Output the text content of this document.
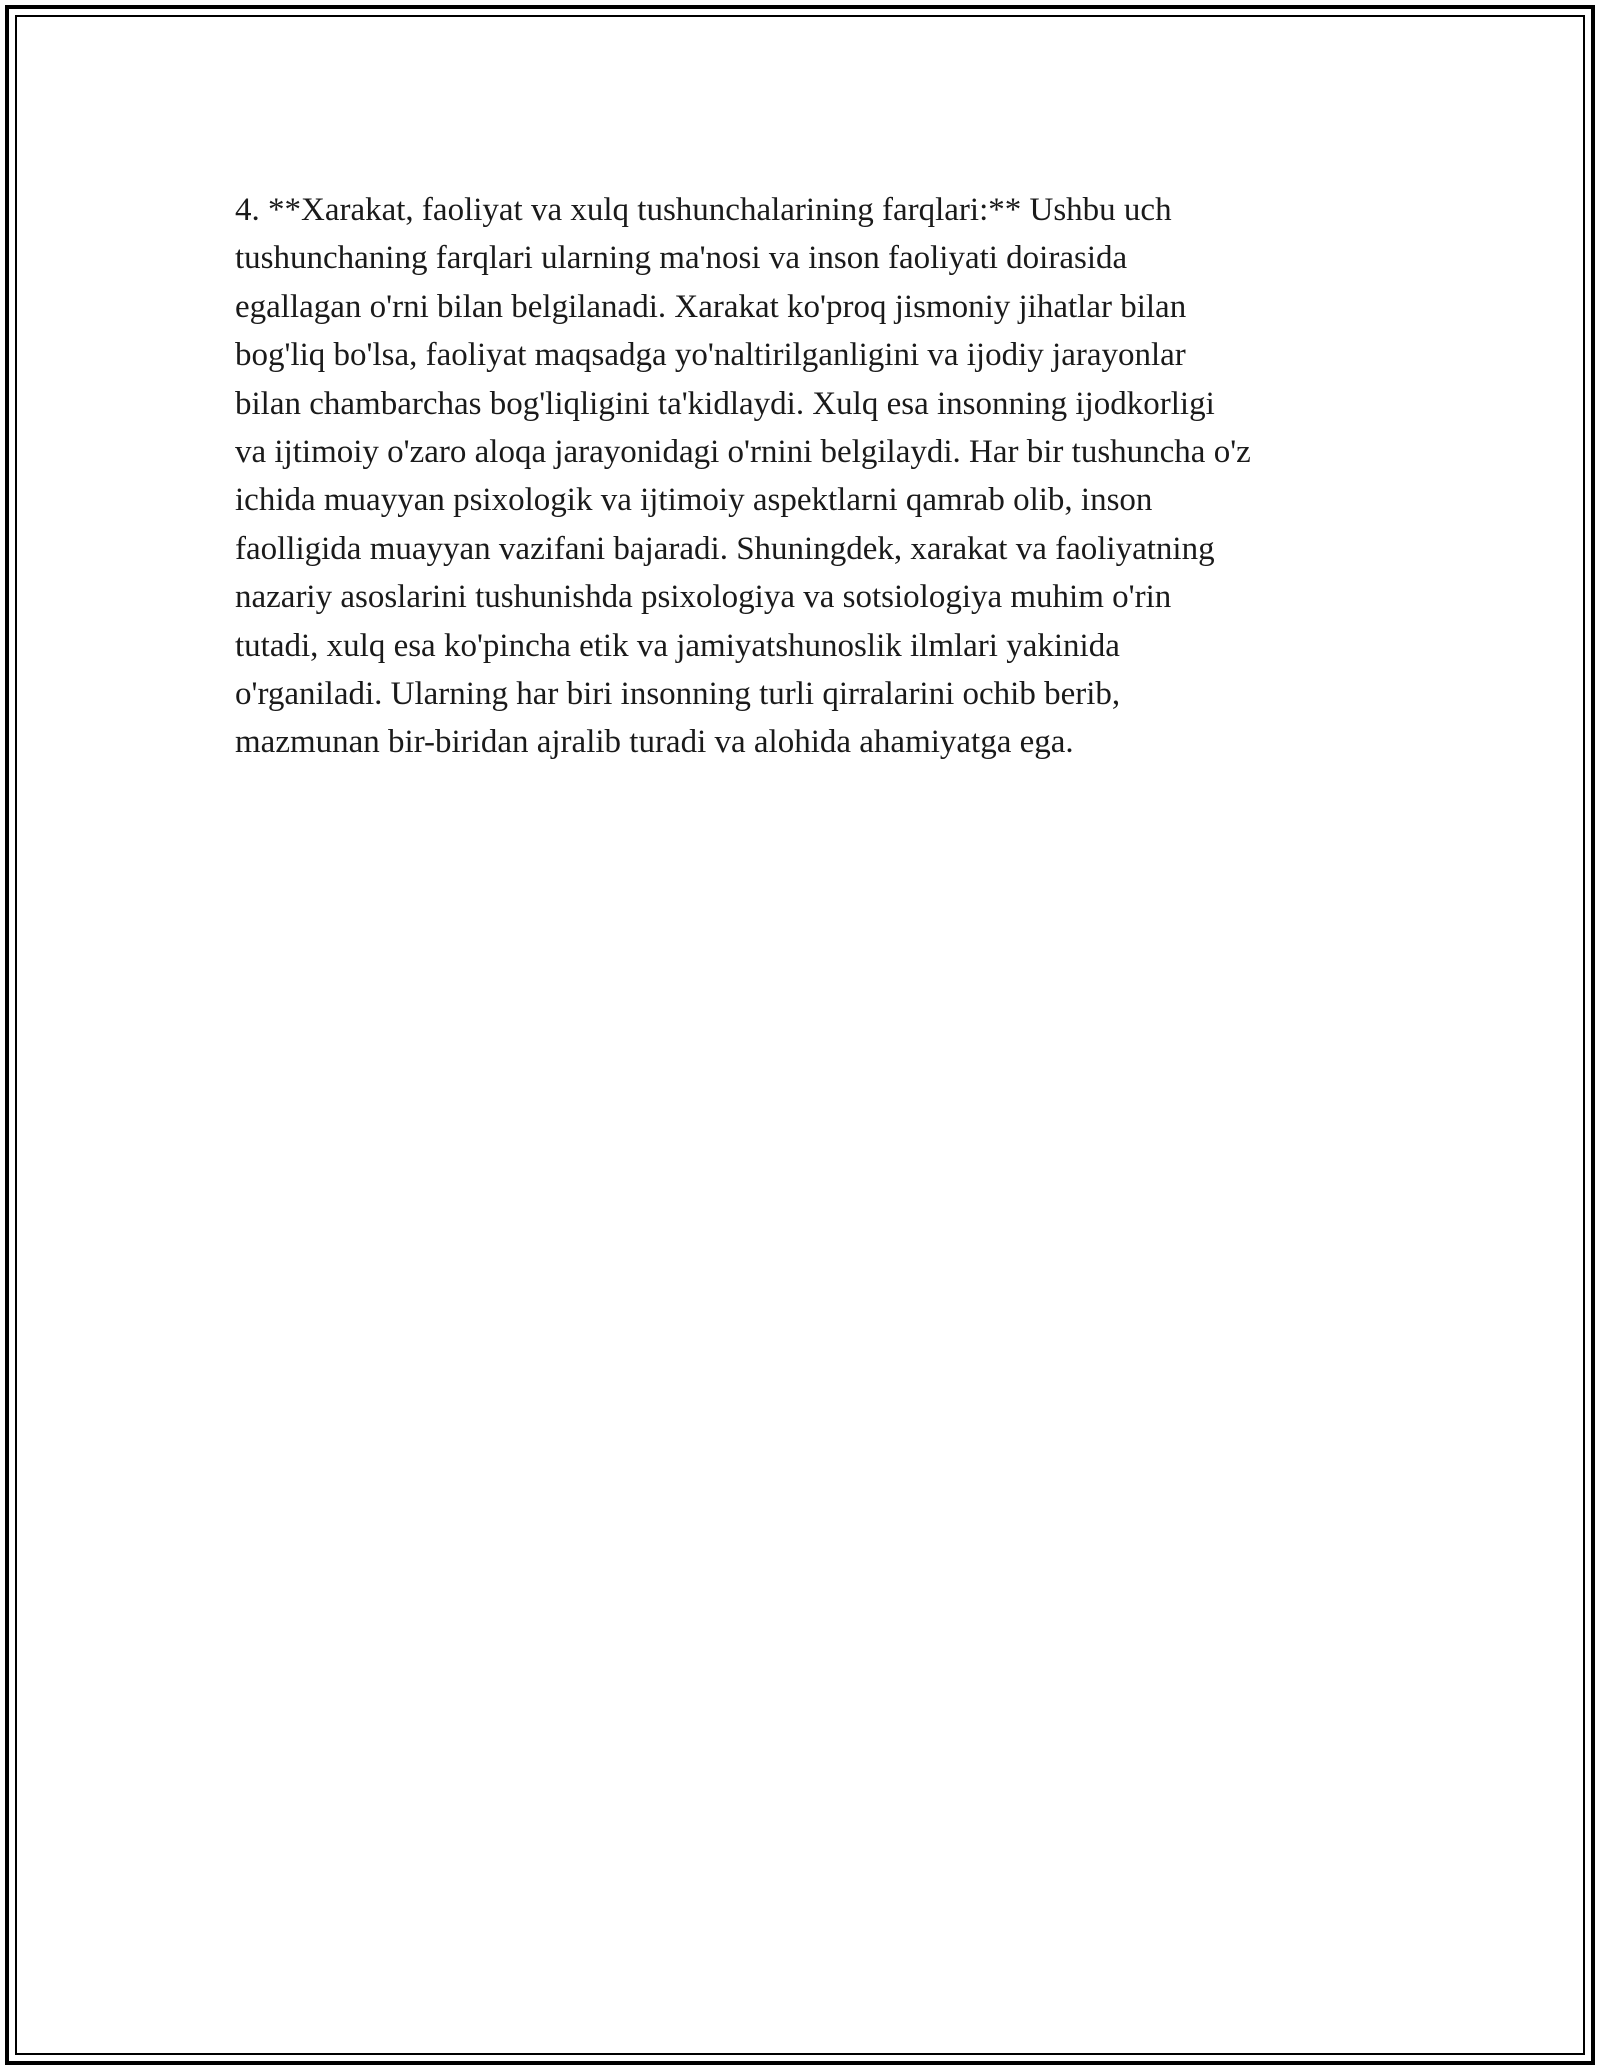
4. **Xarakat, faoliyat va xulq tushunchalarining farqlari:** Ushbu uch
tushunchaning farqlari ularning ma'nosi va inson faoliyati doirasida
egallagan o'rni bilan belgilanadi. Xarakat ko'proq jismoniy jihatlar bilan
bog'liq bo'lsa, faoliyat maqsadga yo'naltirilganligini va ijodiy jarayonlar
bilan chambarchas bog'liqligini ta'kidlaydi. Xulq esa insonning ijodkorligi
va ijtimoiy o'zaro aloqa jarayonidagi o'rnini belgilaydi. Har bir tushuncha o'z
ichida muayyan psixologik va ijtimoiy aspektlarni qamrab olib, inson
faolligida muayyan vazifani bajaradi. Shuningdek, xarakat va faoliyatning
nazariy asoslarini tushunishda psixologiya va sotsiologiya muhim o'rin
tutadi, xulq esa ko'pincha etik va jamiyatshunoslik ilmlari yakinida
o'rganiladi. Ularning har biri insonning turli qirralarini ochib berib,
mazmunan bir-biridan ajralib turadi va alohida ahamiyatga ega.
